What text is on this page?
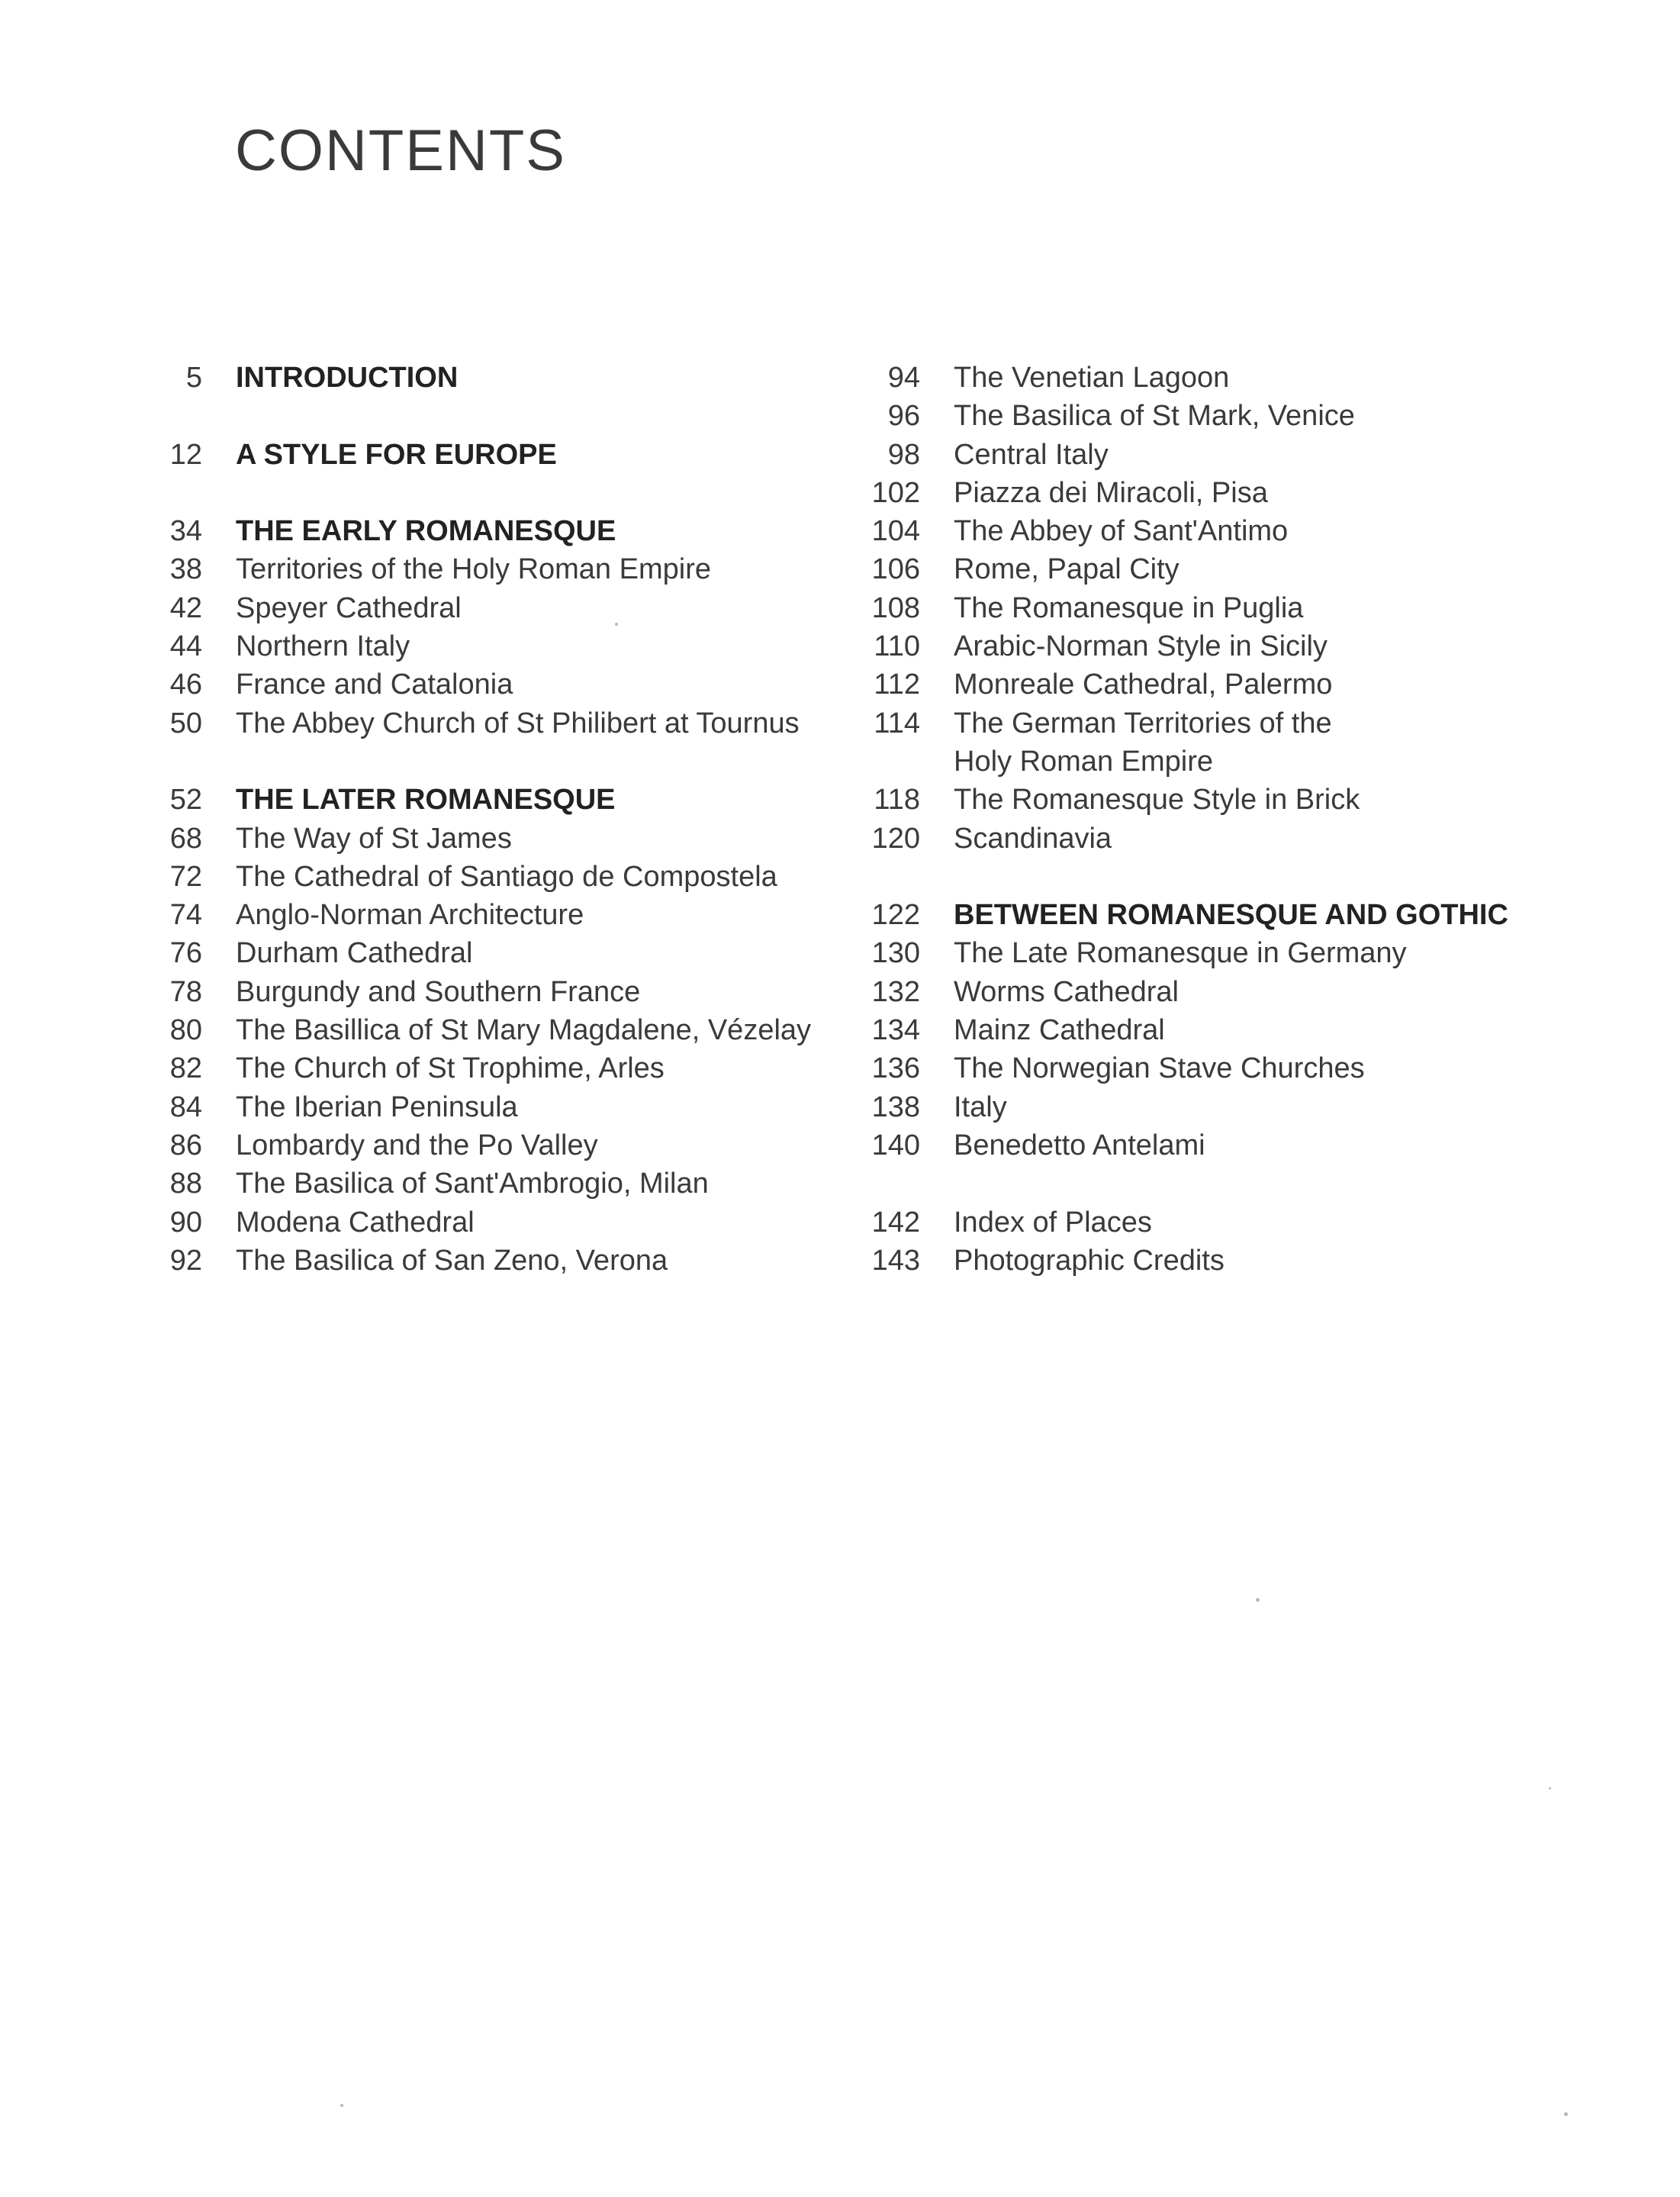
CONTENTS
5 INTRODUCTION
12 A STYLE FOR EUROPE
34 THE EARLY ROMANESQUE
38 Territories of the Holy Roman Empire
42 Speyer Cathedral
44 Northern Italy
46 France and Catalonia
50 The Abbey Church of St Philibert at Tournus
52 THE LATER ROMANESQUE
68 The Way of St James
72 The Cathedral of Santiago de Compostela
74 Anglo-Norman Architecture
76 Durham Cathedral
78 Burgundy and Southern France
80 The Basillica of St Mary Magdalene, Vézelay
82 The Church of St Trophime, Arles
84 The Iberian Peninsula
86 Lombardy and the Po Valley
88 The Basilica of Sant'Ambrogio, Milan
90 Modena Cathedral
92 The Basilica of San Zeno, Verona
94 The Venetian Lagoon
96 The Basilica of St Mark, Venice
98 Central Italy
102 Piazza dei Miracoli, Pisa
104 The Abbey of Sant'Antimo
106 Rome, Papal City
108 The Romanesque in Puglia
110 Arabic-Norman Style in Sicily
112 Monreale Cathedral, Palermo
114 The German Territories of the
Holy Roman Empire
118 The Romanesque Style in Brick
120 Scandinavia
122 BETWEEN ROMANESQUE AND GOTHIC
130 The Late Romanesque in Germany
132 Worms Cathedral
134 Mainz Cathedral
136 The Norwegian Stave Churches
138 Italy
140 Benedetto Antelami
142 Index of Places
143 Photographic Credits
